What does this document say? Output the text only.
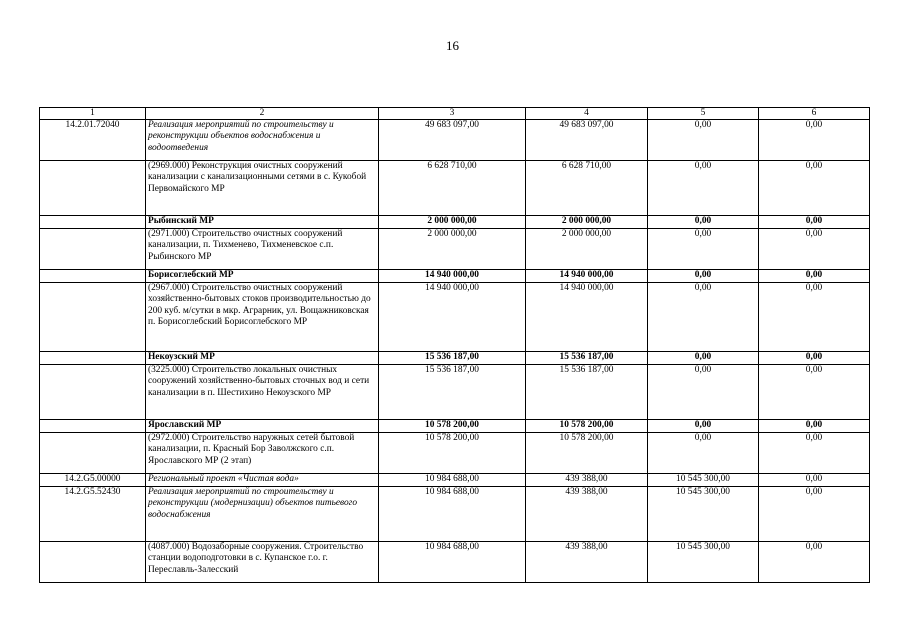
16
1	2	3	4	5	6
14.2.01.72040	Реализация мероприятий по строительству и реконструкции объектов водоснабжения и водоотведения	49 683 097,00	49 683 097,00	0,00	0,00
	(2969.000) Реконструкция очистных сооружений канализации с канализационными сетями в с. Кукобой Первомайского МР	6 628 710,00	6 628 710,00	0,00	0,00
	Рыбинский МР	2 000 000,00	2 000 000,00	0,00	0,00
	(2971.000) Строительство очистных сооружений канализации, п. Тихменево, Тихменевское с.п. Рыбинского МР	2 000 000,00	2 000 000,00	0,00	0,00
	Борисоглебский МР	14 940 000,00	14 940 000,00	0,00	0,00
	(2967.000) Строительство очистных сооружений хозяйственно-бытовых стоков производительностью до 200 куб. м/сутки в мкр. Аграрник, ул. Вощажниковская п. Борисоглебский Борисоглебского МР	14 940 000,00	14 940 000,00	0,00	0,00
	Некоузский МР	15 536 187,00	15 536 187,00	0,00	0,00
	(3225.000) Строительство локальных очистных сооружений хозяйственно-бытовых сточных вод и сети канализации в п. Шестихино Некоузского МР	15 536 187,00	15 536 187,00	0,00	0,00
	Ярославский МР	10 578 200,00	10 578 200,00	0,00	0,00
	(2972.000) Строительство наружных сетей бытовой канализации, п. Красный Бор Заволжского с.п. Ярославского МР (2 этап)	10 578 200,00	10 578 200,00	0,00	0,00
14.2.G5.00000	Региональный проект «Чистая вода»	10 984 688,00	439 388,00	10 545 300,00	0,00
14.2.G5.52430	Реализация мероприятий по строительству и реконструкции (модернизации) объектов питьевого водоснабжения	10 984 688,00	439 388,00	10 545 300,00	0,00
	(4087.000) Водозаборные сооружения. Строительство станции водоподготовки в с. Купанское г.о. г. Переславль-Залесский	10 984 688,00	439 388,00	10 545 300,00	0,00
